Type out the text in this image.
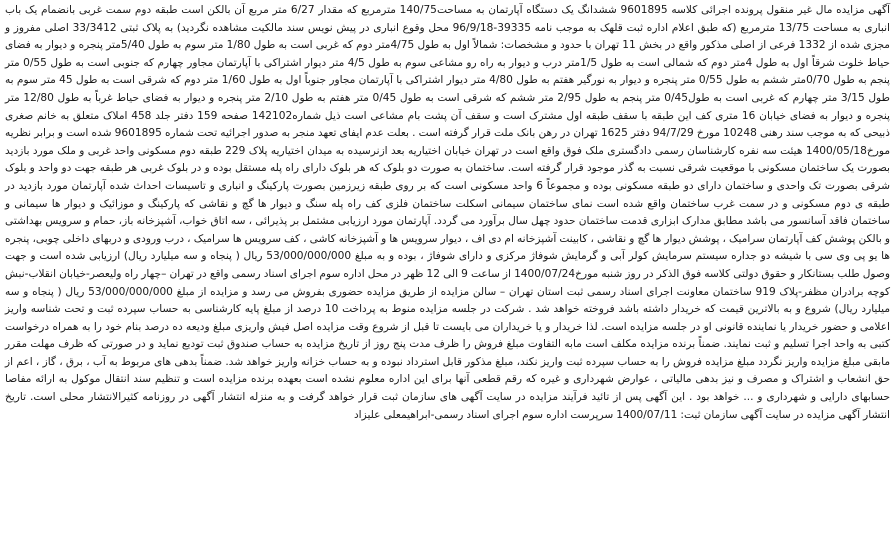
آگهی مزایده مال غیر منقول پرونده اجرائی کلاسه 9601895 ششدانگ یک دستگاه آپارتمان به مساحت140/75 مترمربع که مقدار 6/27 متر مربع آن بالکن است طبقه دوم سمت غربی بانضمام یک باب انباری به مساحت 13/75 مترمربع (که طبق اعلام اداره ثبت قلهک به موجب نامه 39335-96/9/18 محل وقوع انباری در پیش نویس سند مالکیت مشاهده نگردید) به پلاک ثبتی 33/3412 اصلی مفروز و مجزی شده از 1332 فرعی از اصلی مذکور واقع در بخش 11 تهران با حدود و مشخصات: شمالاً اول به طول 4/75متر دوم که غربی است به طول 1/80 متر سوم به طول 5/40متر پنجره و دیوار به فضای حیاط خلوت شرقاً اول به طول 4متر دوم که شمالی است به طول 1/5متر درب و دیوار به راه رو مشاعی سوم به طول 4/5 متر دیوار اشتراکی با آپارتمان مجاور چهارم که جنوبی است به طول 0/55 متر پنجم به طول 0/70متر ششم به طول 0/55 متر پنجره و دیوار به نورگیر هفتم به طول 4/80 متر دیوار اشتراکی با آپارتمان مجاور جنوباً اول به طول 1/60 متر دوم که شرقی است به طول 45 متر سوم به طول 3/15 متر چهارم که غربی است به طول0/45 متر پنجم به طول 2/95 متر ششم که شرقی است به طول 0/45 متر هفتم به طول 2/10 متر پنجره و دیوار به فضای حیاط غرباً به طول 12/80 متر پنجره و دیوار به فضای خیابان 16 متری کف این طبقه با سقف طبقه اول مشترک است و سقف آن پشت بام مشاعی است ذیل شماره142102 صفحه 159 دفتر جلد 458 املاک متعلق به خانم صغری ذبیحی که به موجب سند رهنی 10248 مورخ 94/7/29 دفتر 1625 تهران در رهن بانک ملت قرار گرفته است . بعلت عدم ایفای تعهد منجر به صدور اجرائیه تحت شماره 9601895 شده است و برابر نظریه مورخ1400/05/18 هیئت سه نفره کارشناسان رسمی دادگستری ملک فوق واقع است در تهران خیابان اختیاریه بعد ازنرسیده به میدان اختیاریه پلاک 229 طبقه دوم مسکونی واحد غربی و ملک مورد بازدید بصورت یک ساختمان مسکونی با موقعیت شرقی نسبت به گذر موجود قرار گرفته است. ساختمان به صورت دو بلوک که هر بلوک دارای راه پله مستقل بوده و در بلوک غربی هر طبقه جهت دو واحد و بلوک شرقی بصورت تک واحدی و ساختمان دارای دو طبقه مسکونی بوده و مجموعاً 6 واحد مسکونی است که بر روی طبقه زیرزمین بصورت پارکینگ و انباری و تاسیسات احداث شده آپارتمان مورد بازدید در طبقه ی دوم مسکونی و در سمت غرب ساختمان واقع شده است نمای ساختمان سیمانی اسکلت ساختمان فلزی کف راه پله سنگ و دیوار ها گچ و نقاشی که پارکینگ و موزائیک و دیوار ها سیمانی و ساختمان فاقد آسانسور می باشد مطابق مدارک ابزاری قدمت ساختمان حدود چهل سال برآورد می گردد. آپارتمان مورد ارزیابی مشتمل بر پذیرائی ، سه اتاق خواب، آشپزخانه باز، حمام و سرویس بهداشتی و بالکن پوشش کف آپارتمان سرامیک ، پوشش دیوار ها گچ و نقاشی ، کابینت آشپزخانه ام دی اف ، دیوار سرویس ها و آشپزخانه کاشی ، کف سرویس ها سرامیک ، درب ورودی و دربهای داخلی چوبی، پنجره ها یو پی وی سی با شیشه دو جداره سیستم سرمایش کولر آبی و گرمایش شوفاژ مرکزی و دارای شوفاژ ، بوده و به مبلغ 53/000/000/000 ریال ( پنجاه و سه میلیارد ریال) ارزیابی شده است و جهت وصول طلب بستانکار و حقوق دولتی کلاسه فوق الذکر در روز شنبه مورخ1400/07/24 از ساعت 9 الی 12 ظهر در محل اداره سوم اجرای اسناد رسمی واقع در تهران –چهار راه ولیعصر-خیابان انقلاب-نبش کوچه برادران مظفر-پلاک 919 ساختمان معاونت اجرای اسناد رسمی ثبت استان تهران – سالن مزایده از طریق مزایده حضوری بفروش می رسد و مزایده از مبلغ 53/000/000/000 ریال ( پنجاه و سه میلیارد ریال) شروع و به بالاترین قیمت که خریدار داشته باشد فروخته خواهد شد . شرکت در جلسه مزایده منوط به پرداخت 10 درصد از مبلغ پایه کارشناسی به حساب سپرده ثبت و تحت شناسه واریز اعلامی و حضور خریدار یا نماینده قانونی او در جلسه مزایده است. لذا خریدار و یا خریداران می بایست تا قبل از شروع وقت مزایده اصل فیش واریزی مبلغ ودیعه ده درصد بنام خود را به همراه درخواست کتبی به واحد اجرا تسلیم و ثبت نمایند. ضمناً برنده مزایده مکلف است مابه التفاوت مبلغ فروش را ظرف مدت پنج روز از تاریخ مزایده به حساب صندوق ثبت تودیع نماید و در صورتی که ظرف مهلت مقرر مابقی مبلغ مزایده واریز نگردد مبلغ مزایده فروش را به حساب سپرده ثبت واریز نکند، مبلغ مذکور قابل استرداد نبوده و به حساب خزانه واریز خواهد شد. ضمناً بدهی های مربوط به آب ، برق ، گاز ، اعم از حق انشعاب و اشتراک و مصرف و نیز بدهی مالیاتی ، عوارض شهرداری و غیره که رقم قطعی آنها برای این اداره معلوم نشده است بعهده برنده مزایده است و تنظیم سند انتقال موکول به ارائه مفاصا حسابهای دارایی و شهرداری و ... خواهد بود . این آگهی پس از تائید فرآیند مزایده در سایت آگهی های سازمان ثبت قرار خواهد گرفت و به منزله انتشار آگهی در روزنامه کثیرالانتشار محلی است. تاریخ انتشار آگهی مزایده در سایت آگهی سازمان ثبت: 1400/07/11 سرپرست اداره سوم اجرای اسناد رسمی-ابراهیمعلی علیزاد
